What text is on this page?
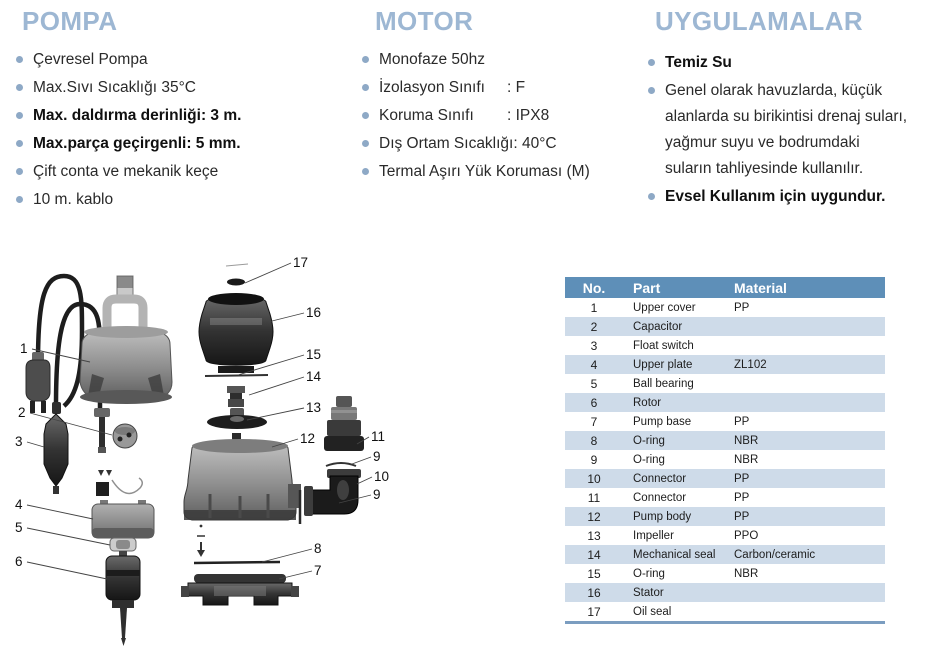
POMPA
Çevresel Pompa
Max.Sıvı Sıcaklığı 35°C
Max. daldırma derinliği: 3 m.
Max.parça geçirgenli: 5 mm.
Çift conta ve mekanik keçe
10 m. kablo
MOTOR
Monofaze 50hz
İzolasyon Sınıfı	: F
Koruma Sınıfı	: IPX8
Dış Ortam Sıcaklığı: 40°C
Termal Aşırı Yük Koruması (M)
UYGULAMALAR
Temiz Su
Genel olarak havuzlarda, küçük alanlarda su birikintisi drenaj suları, yağmur suyu ve bodrumdaki suların tahliyesinde kullanılır.
Evsel Kullanım için uygundur.
No.	Part	Material
1	Upper cover	PP
2	Capacitor
3	Float switch
4	Upper plate	ZL102
5	Ball bearing
6	Rotor
7	Pump base	PP
8	O-ring	NBR
9	O-ring	NBR
10	Connector	PP
11	Connector	PP
12	Pump body	PP
13	Impeller	PPO
14	Mechanical seal	Carbon/ceramic
15	O-ring	NBR
16	Stator
17	Oil seal
1
2
3
4
5
6
7
8
9
9
10
11
12
13
14
15
16
17
